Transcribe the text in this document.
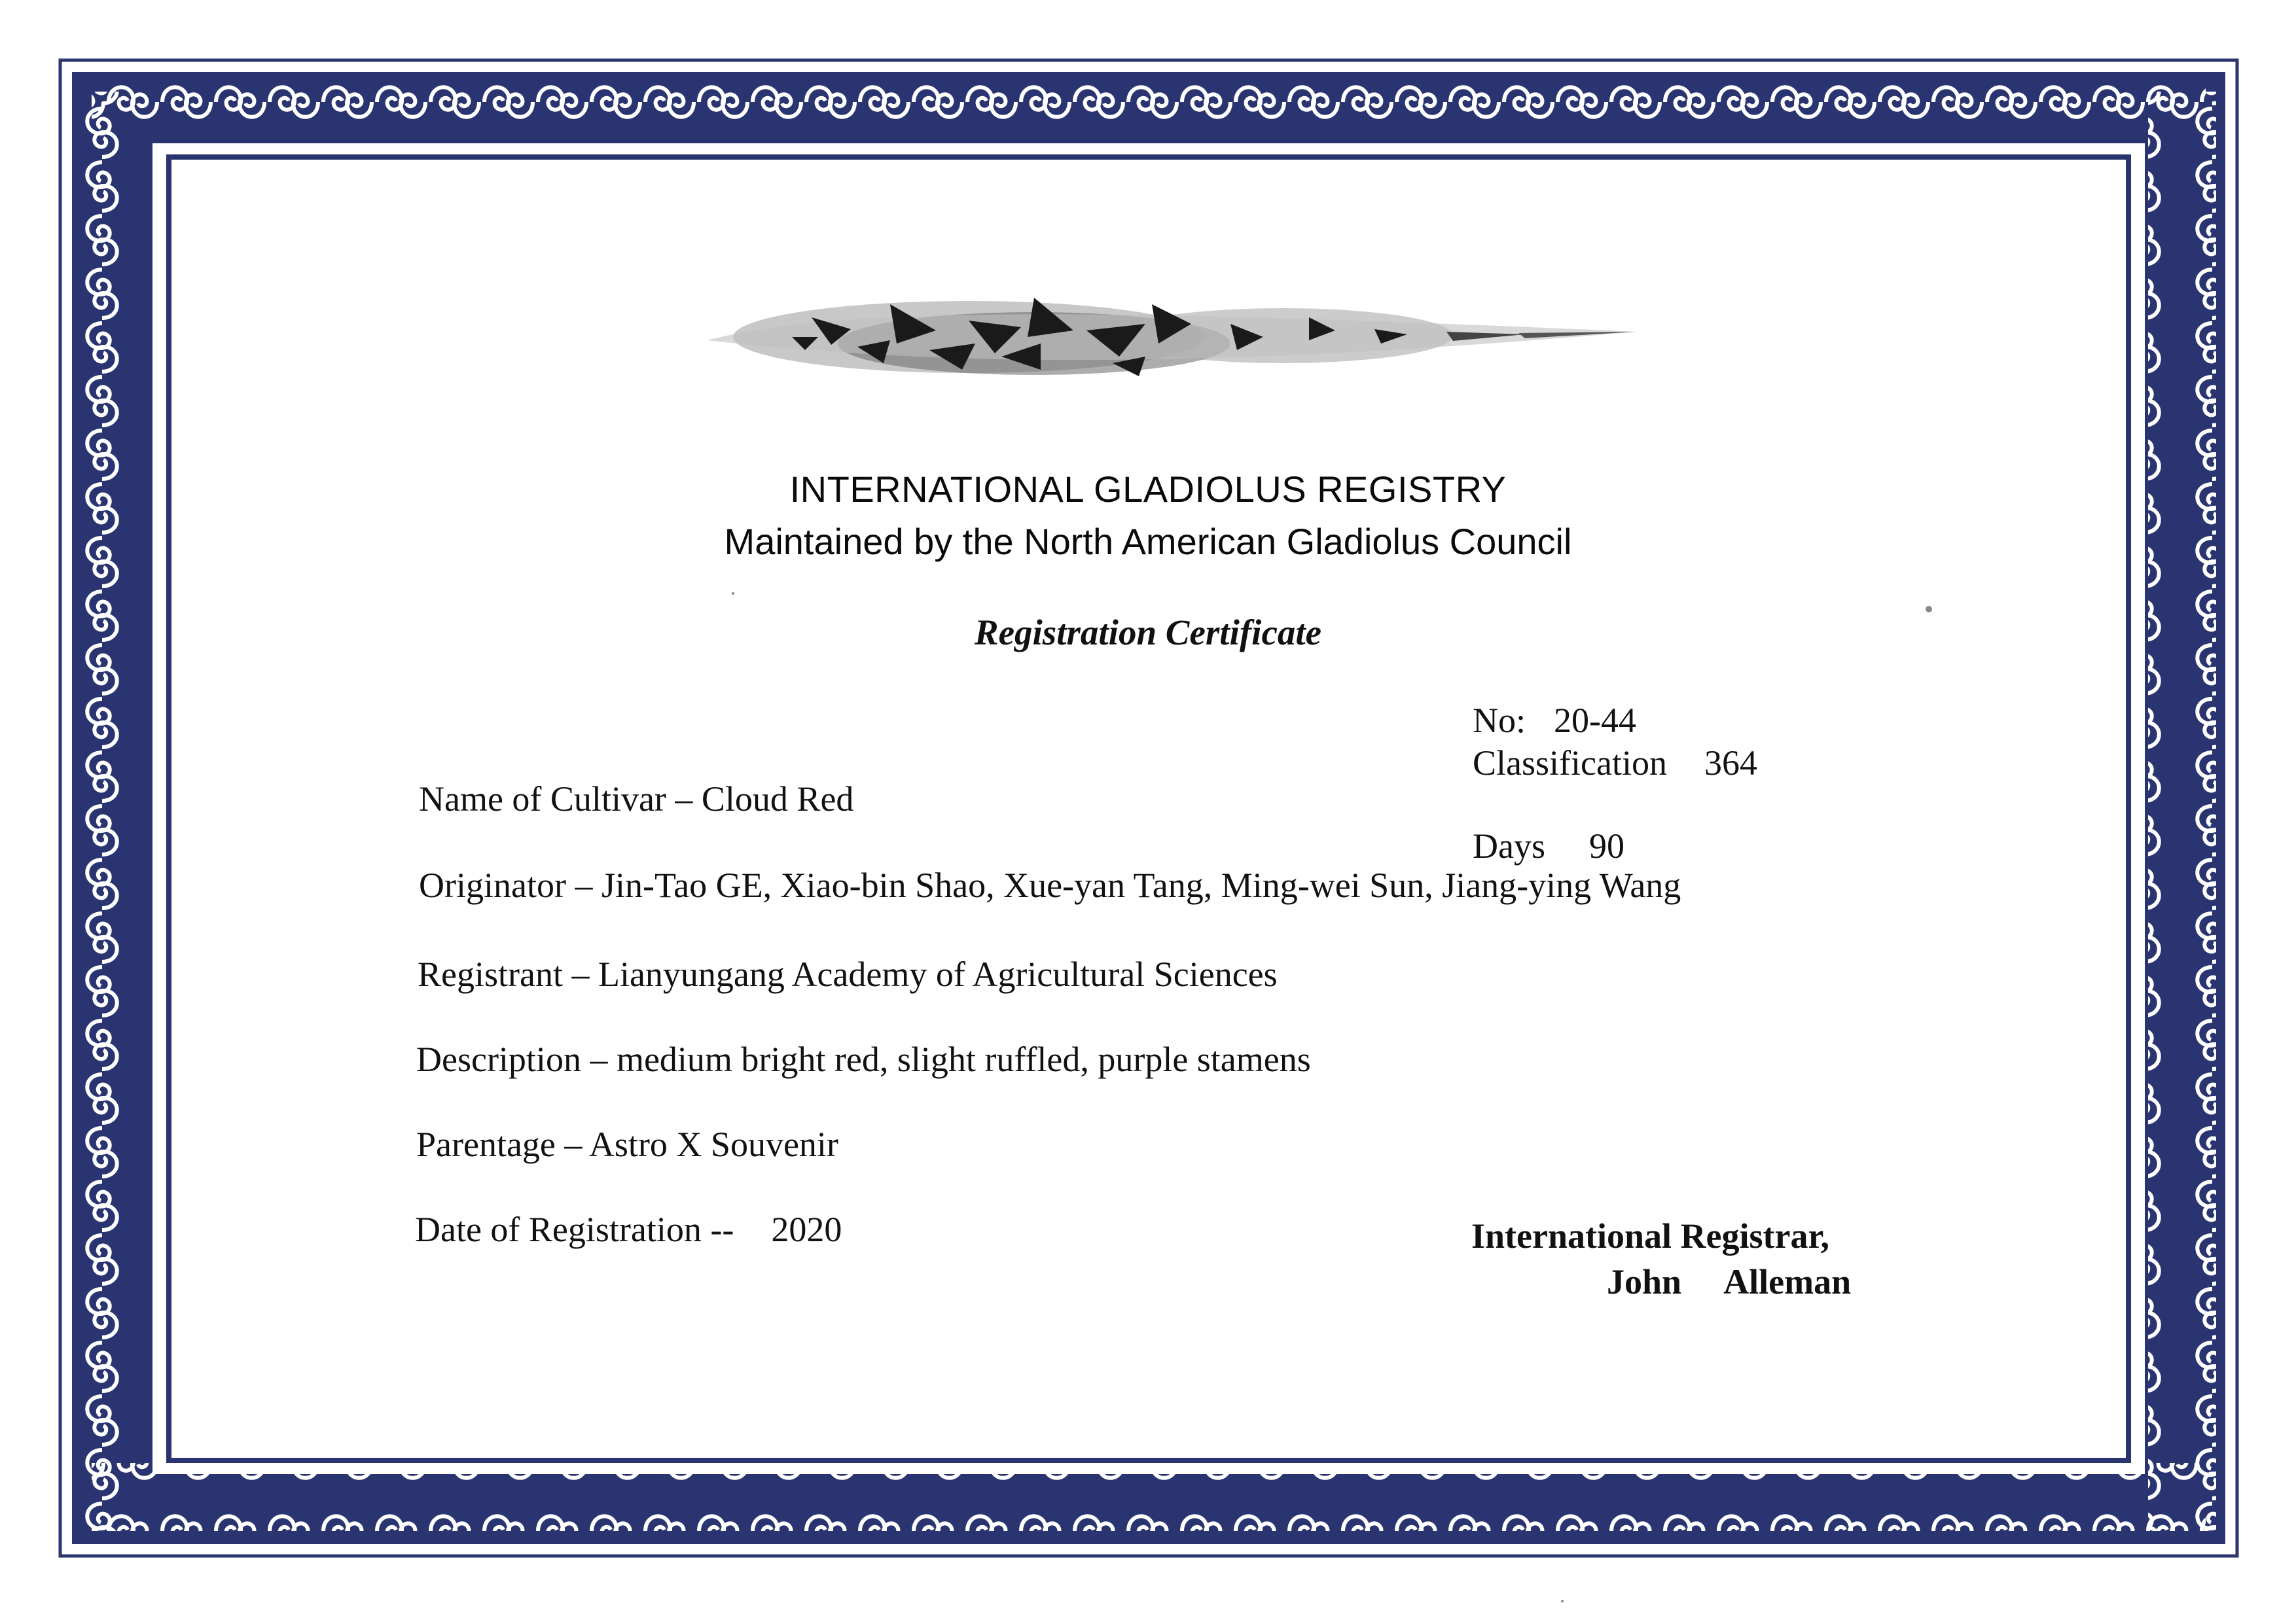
INTERNATIONAL GLADIOLUS REGISTRY
Maintained by the North American Gladiolus Council
Registration Certificate
No: 20-44
Classification 364
Days 90
Name of Cultivar – Cloud Red
Originator – Jin-Tao GE, Xiao-bin Shao, Xue-yan Tang, Ming-wei Sun, Jiang-ying Wang
Registrant – Lianyungang Academy of Agricultural Sciences
Description – medium bright red, slight ruffled, purple stamens
Parentage – Astro X Souvenir
Date of Registration -- 2020	International Registrar,
John Alleman
